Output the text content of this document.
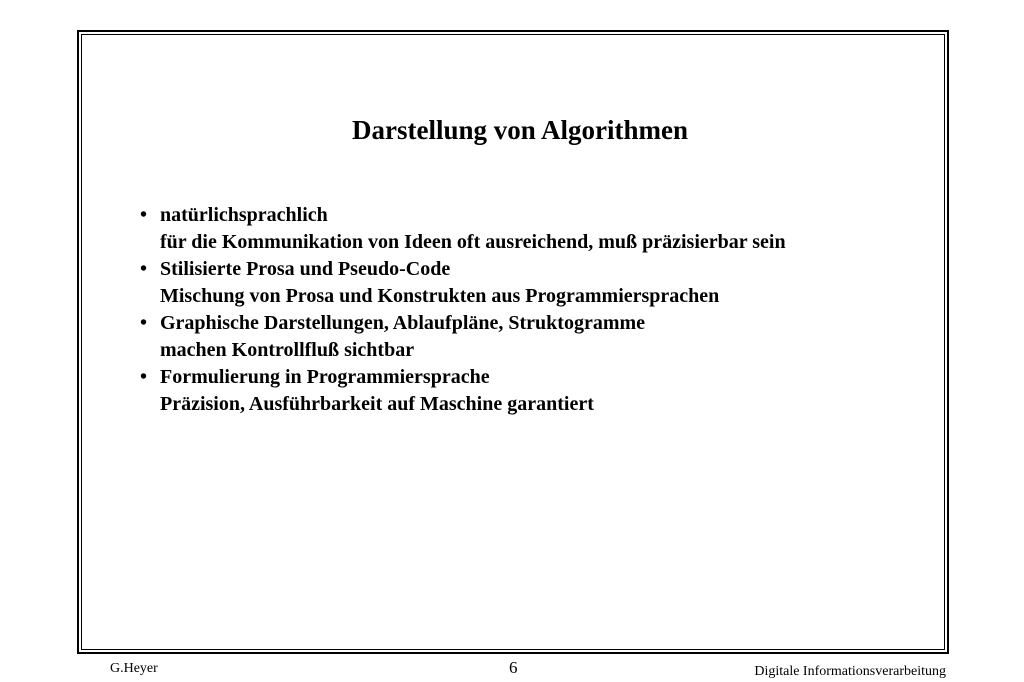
Darstellung von Algorithmen
• natürlichsprachlich
für die Kommunikation von Ideen oft ausreichend, muß präzisierbar sein
• Stilisierte Prosa und Pseudo-Code
Mischung von Prosa und Konstrukten aus Programmiersprachen
• Graphische Darstellungen, Ablaufpläne, Struktogramme
machen Kontrollfluß sichtbar
• Formulierung in Programmiersprache
Präzision, Ausführbarkeit auf Maschine garantiert
G.Heyer	6	Digitale Informationsverarbeitung
